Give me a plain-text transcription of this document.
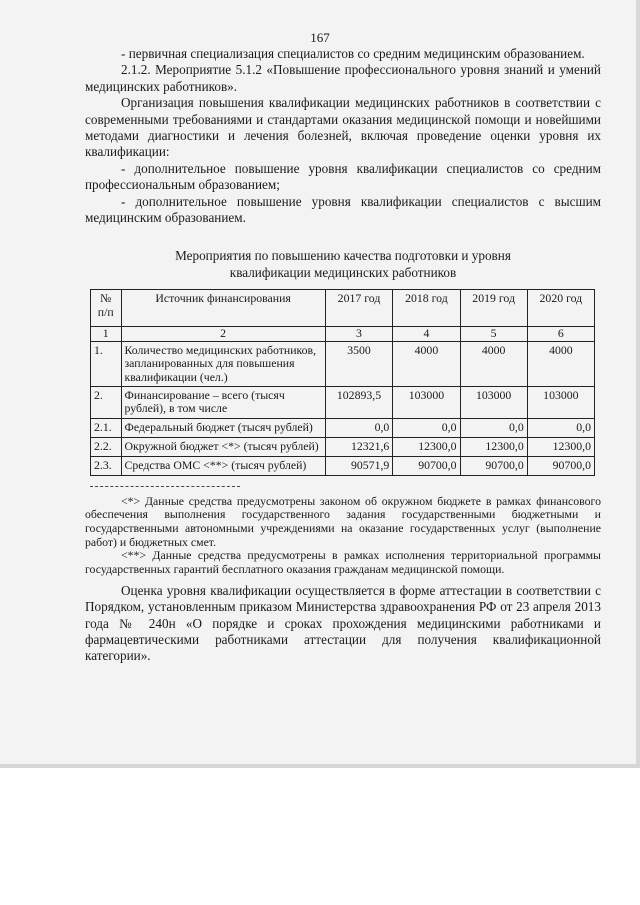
167

- первичная специализация специалистов со средним медицинским образованием.

2.1.2. Мероприятие 5.1.2 «Повышение профессионального уровня знаний и умений медицинских работников».

Организация повышения квалификации медицинских работников в соответствии с современными требованиями и стандартами оказания медицинской помощи и новейшими методами диагностики и лечения болезней, включая проведение оценки уровня их квалификации:

- дополнительное повышение уровня квалификации специалистов со средним профессиональным образованием;

- дополнительное повышение уровня квалификации специалистов с высшим медицинским образованием.

Мероприятия по повышению качества подготовки и уровня
квалификации медицинских работников
№ п/п	Источник финансирования	2017 год	2018 год	2019 год	2020 год
1	2	3	4	5	6
1.	Количество медицинских работников, запланированных для повышения квалификации (чел.)	3500	4000	4000	4000
2.	Финансирование – всего (тысяч рублей), в том числе	102893,5	103000	103000	103000
2.1.	Федеральный бюджет (тысяч рублей)	0,0	0,0	0,0	0,0
2.2.	Окружной бюджет <*> (тысяч рублей)	12321,6	12300,0	12300,0	12300,0
2.3.	Средства ОМС <**> (тысяч рублей)	90571,9	90700,0	90700,0	90700,0

<*> Данные средства предусмотрены законом об окружном бюджете в рамках финансового обеспечения выполнения государственного задания государственными бюджетными и государственными автономными учреждениями на оказание государственных услуг (выполнение работ) и бюджетных смет.

<**> Данные средства предусмотрены в рамках исполнения территориальной программы государственных гарантий бесплатного оказания гражданам медицинской помощи.

Оценка уровня квалификации осуществляется в форме аттестации в соответствии с Порядком, установленным приказом Министерства здравоохранения РФ от 23 апреля 2013 года № 240н «О порядке и сроках прохождения медицинскими работниками и фармацевтическими работниками аттестации для получения квалификационной категории».
